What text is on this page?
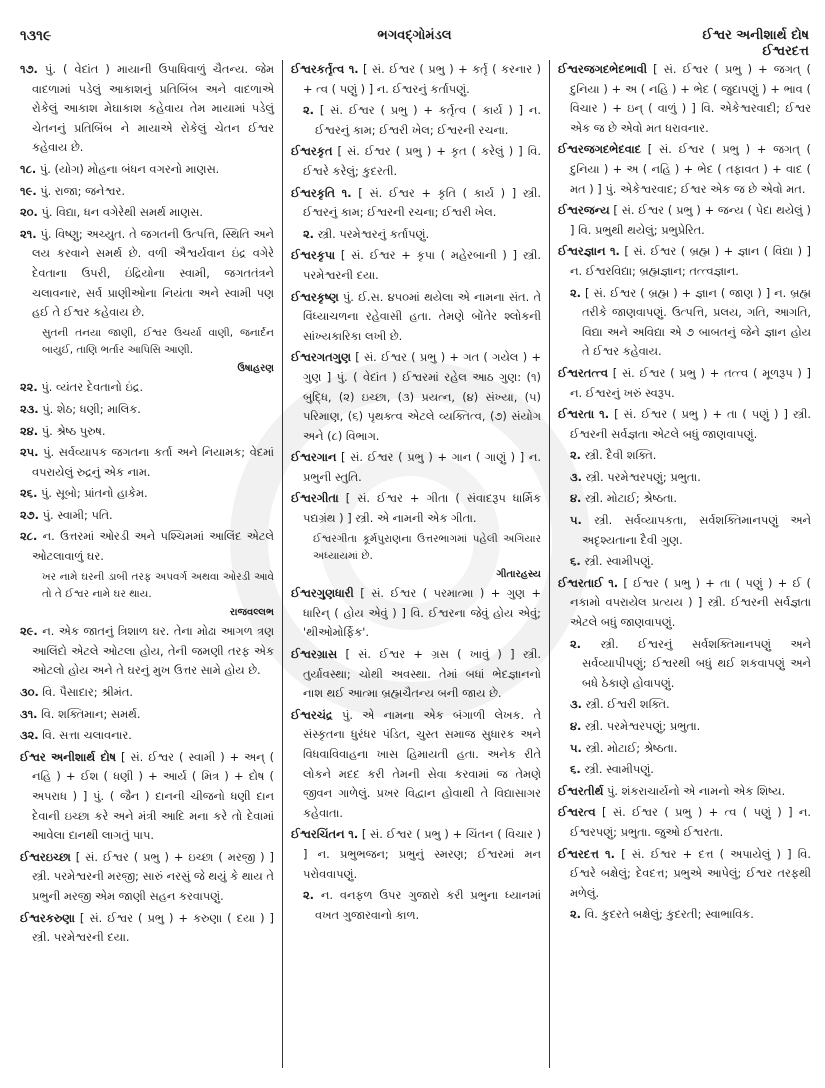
૧૩૧૯	ભગવદ્ગોમંડલ	ઈશ્વર અનીશાર્થ દોષ
ઈશ્વરદત્ત
૧૭. પું. ( વેદાંત ) માયાની ઉપાધિવાળું ચૈતન્ય. જેમ વાદળામાં પડેલું આકાશનું પ્રતિબિંબ અને વાદળાએ રોકેલું આકાશ મેઘાકાશ કહેવાય તેમ માયામાં પડેલું ચેતનનું પ્રતિબિંબ ને માયાએ રોકેલું ચેતન ઈશ્વર કહેવાય છે.
૧૮. પું. (યોગ) મોહના બંધન વગરનો માણસ.
૧૯. પું. રાજા; જનેશ્વર.
૨૦. પું. વિદ્યા, ધન વગેરેથી સમર્થ માણસ.
૨૧. પું. વિષ્ણુ; અચ્યુત. તે જગતની ઉત્પત્તિ, સ્થિતિ અને લય કરવાને સમર્થ છે. વળી ઐશ્વર્યવાન ઇંદ્ર વગેરે દેવતાના ઉપરી, ઇંદ્રિયોના સ્વામી, જગતતંત્રને ચલાવનાર, સર્વ પ્રાણીઓના નિયંતા અને સ્વામી પણ હઈ તે ઈશ્વર કહેવાય છે.
સુતની તનયા જાણી, ઈશ્વર ઉચર્યા વાણી, જનાર્દન બાયુઈ, તાણિ ભર્તાર આપિસિ આણી.
ઉષાહરણ
૨૨. પું. વ્યંતર દેવતાનો ઇંદ્ર.
૨૩. પું. શેઠ; ધણી; માલિક.
૨૪. પું. શ્રેષ્ઠ પુરુષ.
૨૫. પું. સર્વવ્યાપક જગતના કર્તા અને નિયામક; વેદમાં વપરાયેલું રુદ્રનું એક નામ.
૨૬. પું. સૂબો; પ્રાંતનો હાકેમ.
૨૭. પું. સ્વામી; પતિ.
૨૮. ન. ઉત્તરમાં ઓરડી અને પશ્ચિમમાં આલિંદ એટલે ઓટલાવાળું ઘર.
ખર નામે ઘરની ડાબી તરફ અપવર્ગ અથવા ઓરડી આવે તો તે ઈશ્વર નામે ઘર થાય.
રાજવલ્લભ
૨૯. ન. એક જાતનું ત્રિશાળ ઘર. તેના મોઢા આગળ ત્રણ આલિંદો એટલે ઓટલા હોય, તેની જમણી તરફ એક ઓટલો હોય અને તે ઘરનું મુખ ઉત્તર સામે હોય છે.
૩૦. વિ. પૈસાદાર; શ્રીમંત.
૩૧. વિ. શક્તિમાન; સમર્થ.
૩૨. વિ. સત્તા ચલાવનાર.
ઈશ્વર અનીશાર્થ દોષ [ સં. ઈશ્વર ( સ્વામી ) + અન્ ( નહિ ) + ઈશ ( ધણી ) + આર્ય ( મિત્ર ) + દોષ ( અપરાધ ) ] પું. ( જૈન ) દાનની ચીજનો ધણી દાન દેવાની ઇચ્છા કરે અને મંત્રી આદિ મના કરે તો દેવામાં આવેલા દાનથી લાગતું પાપ.
ઈશ્વરઇચ્છા [ સં. ઈશ્વર ( પ્રભુ ) + ઇચ્છા ( મરજી ) ] સ્ત્રી. પરમેશ્વરની મરજી; સારું નરસું જે થયું કે થાય તે પ્રભુની મરજી એમ જાણી સહન કરવાપણું.
ઈશ્વરકરુણા [ સં. ઈશ્વર ( પ્રભુ ) + કરુણા ( દયા ) ] સ્ત્રી. પરમેશ્વરની દયા.
ઈશ્વરકર્તૃત્વ ૧. [ સં. ઈશ્વર ( પ્રભુ ) + કર્તૃ ( કરનાર ) + ત્વ ( પણું ) ] ન. ઈશ્વરનું કર્તાપણું.
૨. [ સં. ઈશ્વર ( પ્રભુ ) + કર્તૃત્વ ( કાર્ય ) ] ન. ઈશ્વરનું કામ; ઈશ્વરી ખેલ; ઈશ્વરની રચના.
ઈશ્વરકૃત [ સં. ઈશ્વર ( પ્રભુ ) + કૃત ( કરેલું ) ] વિ. ઈશ્વરે કરેલું; કુદરતી.
ઈશ્વરકૃતિ ૧. [ સં. ઈશ્વર + કૃતિ ( કાર્ય ) ] સ્ત્રી. ઈશ્વરનું કામ; ઈશ્વરની રચના; ઈશ્વરી ખેલ.
૨. સ્ત્રી. પરમેશ્વરનું કર્તાપણું.
ઈશ્વરકૃપા [ સં. ઈશ્વર + કૃપા ( મહેરબાની ) ] સ્ત્રી. પરમેશ્વરની દયા.
ઈશ્વરકૃષ્ણ પું. ઈ.સ. ૪૫૦માં થયેલા એ નામના સંત. તે વિંધ્યાચળના રહેવાસી હતા. તેમણે બોંતેર શ્લોકની સાંખ્યકારિકા લખી છે.
ઈશ્વરગતગુણ [ સં. ઈશ્વર ( પ્રભુ ) + ગત ( ગયેલ ) + ગુણ ] પું. ( વેદાંત ) ઈશ્વરમાં રહેલ આઠ ગુણ: (૧) બુદ્ધિ, (૨) ઇચ્છા, (૩) પ્રયત્ન, (૪) સંખ્યા, (૫) પરિમાણ, (૬) પૃથક્ત્વ એટલે વ્યક્તિત્વ, (૭) સંયોગ અને (૮) વિભાગ.
ઈશ્વરગાન [ સં. ઈશ્વર ( પ્રભુ ) + ગાન ( ગાણું ) ] ન. પ્રભુની સ્તુતિ.
ઈશ્વરગીતા [ સં. ઈશ્વર + ગીતા ( સંવાદરૂપ ધાર્મિક પદ્યગ્રંથ ) ] સ્ત્રી. એ નામની એક ગીતા.
ઈશ્વરગીતા કૂર્મપુરાણના ઉત્તરભાગમાં પહેલી અગિયાર અધ્યાયમાં છે.
ગીતારહસ્ય
ઈશ્વરગુણધારી [ સં. ઈશ્વર ( પરમાત્મા ) + ગુણ + ધારિન્ ( હોય એવું ) ] વિ. ઈશ્વરના જેવું હોય એવું; 'થીઓમોર્ફિક'.
ઈશ્વરગ્રાસ [ સં. ઈશ્વર + ગ્રસ ( ખાવું ) ] સ્ત્રી. તુર્યાવસ્થા; ચોથી અવસ્થા. તેમાં બધાં ભેદજ્ઞાનનો નાશ થઈ આત્મા બ્રહ્મચૈતન્ય બની જાય છે.
ઈશ્વરચંદ્ર પું. એ નામના એક બંગાળી લેખક. તે સંસ્કૃતના ધુરંધર પંડિત, ચુસ્ત સમાજ સુધારક અને વિધવાવિવાહના ખાસ હિમાયતી હતા. અનેક રીતે લોકને મદદ કરી તેમની સેવા કરવામાં જ તેમણે જીવન ગાળેલું. પ્રખર વિદ્વાન હોવાથી તે વિદ્યાસાગર કહેવાતા.
ઈશ્વરચિંતન ૧. [ સં. ઈશ્વર ( પ્રભુ ) + ચિંતન ( વિચાર ) ] ન. પ્રભુભજન; પ્રભુનું સ્મરણ; ઈશ્વરમાં મન પરોવવાપણું.
૨. ન. વનફળ ઉપર ગુજારો કરી પ્રભુના ધ્યાનમાં વખત ગુજારવાનો કાળ.
ઈશ્વરજગદભેદભાવી [ સં. ઈશ્વર ( પ્રભુ ) + જગત્ ( દુનિયા ) + અ ( નહિ ) + ભેદ ( જુદાપણું ) + ભાવ ( વિચાર ) + ઇન્ ( વાળું ) ] વિ. એકેશ્વરવાદી; ઈશ્વર એક જ છે એવો મત ધરાવનાર.
ઈશ્વરજગદભેદવાદ [ સં. ઈશ્વર ( પ્રભુ ) + જગત્ ( દુનિયા ) + અ ( નહિ ) + ભેદ ( તફાવત ) + વાદ ( મત ) ] પું. એકેશ્વરવાદ; ઈશ્વર એક જ છે એવો મત.
ઈશ્વરજન્ય [ સં. ઈશ્વર ( પ્રભુ ) + જન્ય ( પેદા થયેલું ) ] વિ. પ્રભુથી થયેલું; પ્રભુપ્રેરિત.
ઈશ્વરજ્ઞાન ૧. [ સં. ઈશ્વર ( બ્રહ્મ ) + જ્ઞાન ( વિદ્યા ) ] ન. ઈશ્વરવિદ્યા; બ્રહ્મજ્ઞાન; તત્ત્વજ્ઞાન.
૨. [ સં. ઈશ્વર ( બ્રહ્મ ) + જ્ઞાન ( જાણ ) ] ન. બ્રહ્મ તરીકે જાણવાપણું. ઉત્પત્તિ, પ્રલય, ગતિ, આગતિ, વિદ્યા અને અવિદ્યા એ ૭ બાબતનું જેને જ્ઞાન હોય તે ઈશ્વર કહેવાય.
ઈશ્વરતત્ત્વ [ સં. ઈશ્વર ( પ્રભુ ) + તત્ત્વ ( મૂળરૂપ ) ] ન. ઈશ્વરનું ખરું સ્વરૂપ.
ઈશ્વરતા ૧. [ સં. ઈશ્વર ( પ્રભુ ) + તા ( પણું ) ] સ્ત્રી. ઈશ્વરની સર્વજ્ઞતા એટલે બધું જાણવાપણું.
૨. સ્ત્રી. દૈવી શક્તિ.
૩. સ્ત્રી. પરમેશ્વરપણું; પ્રભુતા.
૪. સ્ત્રી. મોટાઈ; શ્રેષ્ઠતા.
૫. સ્ત્રી. સર્વવ્યાપકતા, સર્વશક્તિમાનપણું અને અદૃશ્યતાના દૈવી ગુણ.
૬. સ્ત્રી. સ્વામીપણું.
ઈશ્વરતાઈ ૧. [ ઈશ્વર ( પ્રભુ ) + તા ( પણું ) + ઈ ( નકામો વપરાયેલ પ્રત્યય ) ] સ્ત્રી. ઈશ્વરની સર્વજ્ઞતા એટલે બધું જાણવાપણું.
૨. સ્ત્રી. ઈશ્વરનું સર્વશક્તિમાનપણું અને સર્વવ્યાપીપણું; ઈશ્વરથી બધું થઈ શકવાપણું અને બધે ઠેકાણે હોવાપણું.
૩. સ્ત્રી. ઈશ્વરી શક્તિ.
૪. સ્ત્રી. પરમેશ્વરપણું; પ્રભુતા.
૫. સ્ત્રી. મોટાઈ; શ્રેષ્ઠતા.
૬. સ્ત્રી. સ્વામીપણું.
ઈશ્વરતીર્થ પું. શંકરાચાર્યનો એ નામનો એક શિષ્ય.
ઈશ્વરત્વ [ સં. ઈશ્વર ( પ્રભુ ) + ત્વ ( પણું ) ] ન. ઈશ્વરપણું; પ્રભુતા. જુઓ ઈશ્વરતા.
ઈશ્વરદત્ત ૧. [ સં. ઈશ્વર + દત્ત ( અપાયેલું ) ] વિ. ઈશ્વરે બક્ષેલું; દેવદત્ત; પ્રભુએ આપેલું; ઈશ્વર તરફથી મળેલું.
૨. વિ. કુદરતે બક્ષેલું; કુદરતી; સ્વાભાવિક.
